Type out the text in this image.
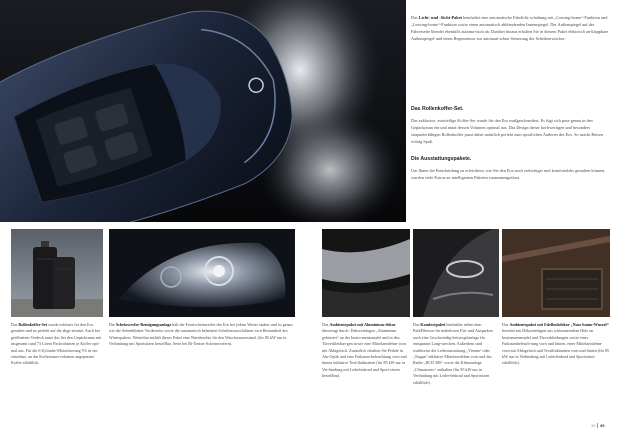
Das Licht- und -Sicht-Paket beinhaltet eine automatische Fahrlicht-schaltung mit „Coming-home“-Funktion und „Leaving-home“-Funktion sowie einen automatisch abblendenden Innenspiegel. Der Außenspiegel auf der Fahrerseite blendet ebenfalls automa-tisch ab. Darüber hinaus erhalten Sie in diesem Paket elektrisch an-klappbare Außenspiegel und einen Regensensor zur automati-schen Steuerung der Scheibenwischer.

Das Rollenkoffer-Set.

Das exklusive, zweiteilige Koffer-Set wurde für den Eos maßgeschneidert. Es fügt sich pass-genau in den Gepäckraum ein und nutzt dessen Volumen optimal aus. Das Design dieser hochwertigen und besonders strapazierfähigen Rollenkoffer passt dabei natürlich perfekt zum sportlichen Äußeren des Eos. So macht Reisen richtig Spaß.

Die Ausstattungspakete.

Um Ihnen die Entscheidung zu erleichtern, wie Sie den Eos noch vielseitiger und komfortabler gestalten können, wurden viele Extras zu intelligenten Paketen zusammengefasst.

Das Rollenkoffer-Set wurde exklusiv für den Eos gestaltet und ist perfekt auf die abge-stimmt. Auch bei geöffnetem Verdeck nutzt das Set den Gepäckraum mit insgesamt rund 73 Litern Packvolumen je Koffer opti-mal aus. Für die 6-Zylinder-Motorisierung V6 ist ein einzelner, an das Kofferraum-volumen angepasster Koffer erhältlich.

Die Scheinwerfer-Reinigungsanlage hält die Frontscheinwerfer des Eos bei jedem Wetter sauber und ist genau wie die Seitenblinker Vorderseite sowie die automatisch beheizten Scheibenwaschdüsen vorn Bestandteil des Winterpakets. Weiterhin enthält dieses Paket eine Warnleuchte für den Waschwasserstand. (für 85 kW nur in Verbindung mit Sportsitzen bestellbar, Serie bei Bi-Xenon-Scheinwerfern).

Das Ambientepaket mit Aluminium-dekor überzeugt durch: Dekoreinlagen „Aluminium gebürstet“ an der Instru-mententafel und in den Türverkleidun-gen sowie eine Mittelarmlehne vorn mit Ablagefach. Zusätzlich erhalten Sie Pedale in Alu-Optik und eine Fußraum-beleuchtung vorn und hinten inklusive Textilfußmatten (für 85 kW nur in Ver-bindung mit Lederlenkrad und Sport-sitzen bestellbar).

Das Komfortpaket beinhaltet neben dem ParkPilotvon für mühelosen Ein- und Ausparken auch eine Geschwindig-keitsregelanlage für entspannte Lang-strecken. Außerdem sind wahlweise die Lederausstattung „Vienna“ oder „Nappa“ inklusive Mittelarmlehne vorn und das Radio „RCD 300“ sowie die Klimaanlage „Climatronic“ enthalten (für 85 kW nur in Verbindung mit Leder-lenkrad und Sportsitzen erhältlich).

Das Ambientepaket mit Edelholzdekor „Nuss-baum-Wurzel“ besticht mit Dekoreinlagen aus schimmerndem Holz an Instrumententafel und Türverkleidungen sowie einer Fußraumbeleuch-tung vorn und hinten, einer Mittelarmlehne vorn mit Ablagefach und Textilfußmatten vorn und hinten (für 85 kW nur in Verbindung mit Lederlenkrad und Sportsitzen erhältlich).

38 39
